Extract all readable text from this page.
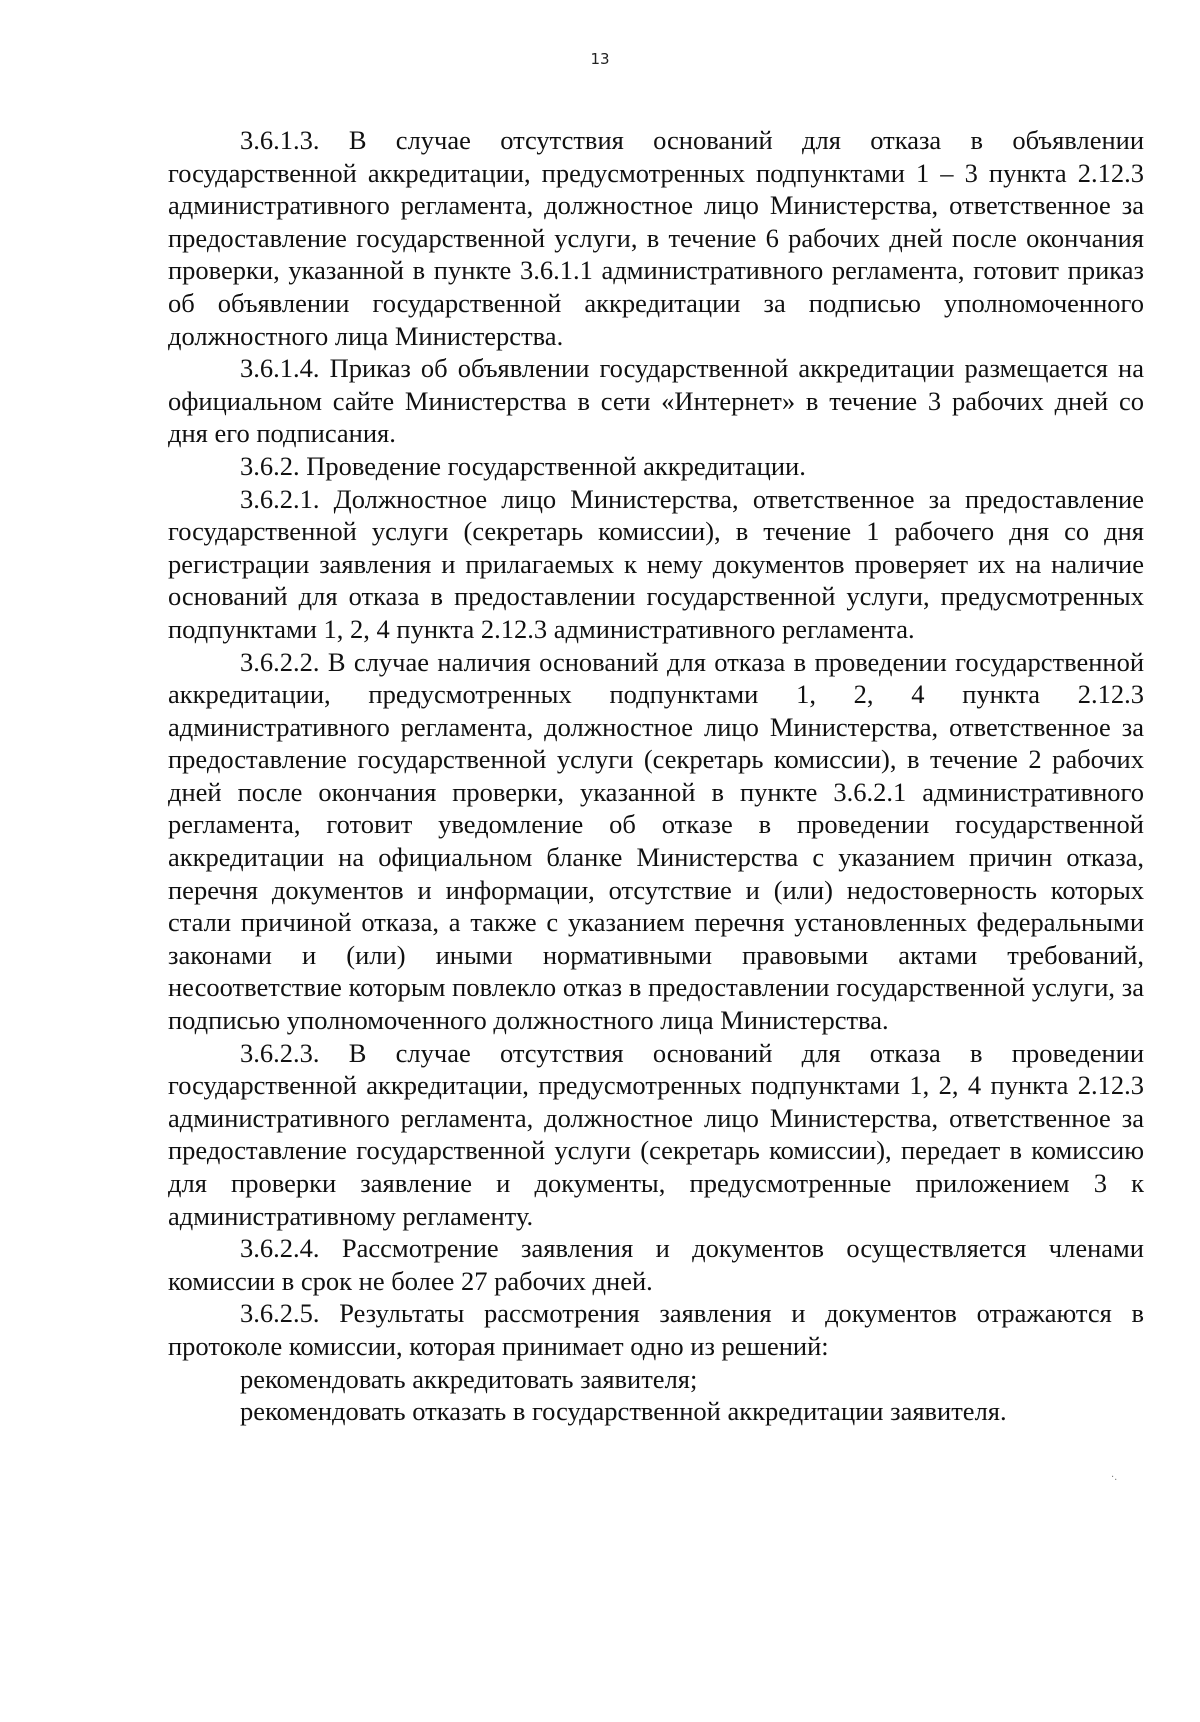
13

3.6.1.3. В случае отсутствия оснований для отказа в объявлении государственной аккредитации, предусмотренных подпунктами 1 – 3 пункта 2.12.3 административного регламента, должностное лицо Министерства, ответственное за предоставление государственной услуги, в течение 6 рабочих дней после окончания проверки, указанной в пункте 3.6.1.1 административного регламента, готовит приказ об объявлении государственной аккредитации за подписью уполномоченного должностного лица Министерства.

3.6.1.4. Приказ об объявлении государственной аккредитации размещается на официальном сайте Министерства в сети «Интернет» в течение 3 рабочих дней со дня его подписания.

3.6.2. Проведение государственной аккредитации.

3.6.2.1. Должностное лицо Министерства, ответственное за предоставление государственной услуги (секретарь комиссии), в течение 1 рабочего дня со дня регистрации заявления и прилагаемых к нему документов проверяет их на наличие оснований для отказа в предоставлении государственной услуги, предусмотренных подпунктами 1, 2, 4 пункта 2.12.3 административного регламента.

3.6.2.2. В случае наличия оснований для отказа в проведении государственной аккредитации, предусмотренных подпунктами 1, 2, 4 пункта 2.12.3 административного регламента, должностное лицо Министерства, ответственное за предоставление государственной услуги (секретарь комиссии), в течение 2 рабочих дней после окончания проверки, указанной в пункте 3.6.2.1 административного регламента, готовит уведомление об отказе в проведении государственной аккредитации на официальном бланке Министерства с указанием причин отказа, перечня документов и информации, отсутствие и (или) недостоверность которых стали причиной отказа, а также с указанием перечня установленных федеральными законами и (или) иными нормативными правовыми актами требований, несоответствие которым повлекло отказ в предоставлении государственной услуги, за подписью уполномоченного должностного лица Министерства.

3.6.2.3. В случае отсутствия оснований для отказа в проведении государственной аккредитации, предусмотренных подпунктами 1, 2, 4 пункта 2.12.3 административного регламента, должностное лицо Министерства, ответственное за предоставление государственной услуги (секретарь комиссии), передает в комиссию для проверки заявление и документы, предусмотренные приложением 3 к административному регламенту.

3.6.2.4. Рассмотрение заявления и документов осуществляется членами комиссии в срок не более 27 рабочих дней.

3.6.2.5. Результаты рассмотрения заявления и документов отражаются в протоколе комиссии, которая принимает одно из решений:

рекомендовать аккредитовать заявителя;

рекомендовать отказать в государственной аккредитации заявителя.

·.
